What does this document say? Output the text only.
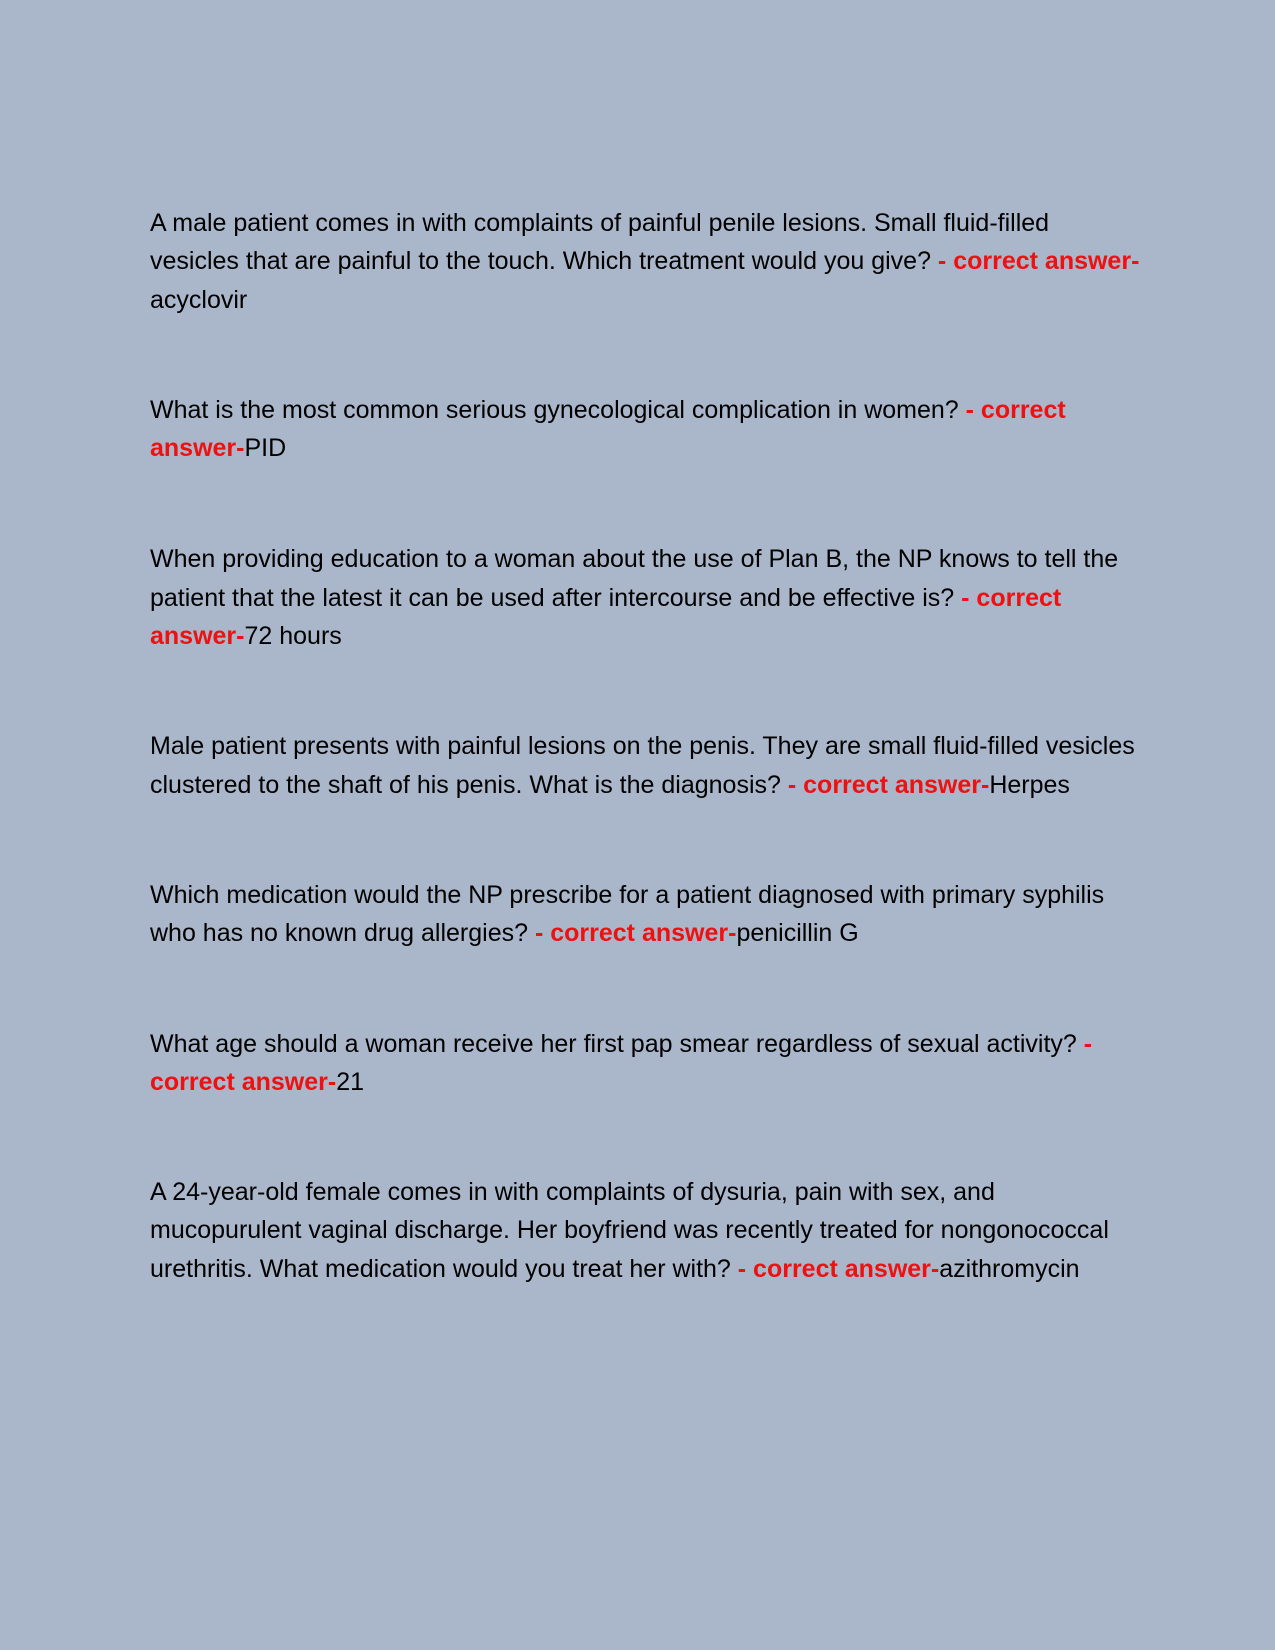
A male patient comes in with complaints of painful penile lesions. Small fluid-filled vesicles that are painful to the touch. Which treatment would you give? - correct answer-acyclovir

What is the most common serious gynecological complication in women? - correct answer-PID

When providing education to a woman about the use of Plan B, the NP knows to tell the patient that the latest it can be used after intercourse and be effective is? - correct answer-72 hours

Male patient presents with painful lesions on the penis. They are small fluid-filled vesicles clustered to the shaft of his penis. What is the diagnosis? - correct answer-Herpes

Which medication would the NP prescribe for a patient diagnosed with primary syphilis who has no known drug allergies? - correct answer-penicillin G

What age should a woman receive her first pap smear regardless of sexual activity? - correct answer-21

A 24-year-old female comes in with complaints of dysuria, pain with sex, and mucopurulent vaginal discharge. Her boyfriend was recently treated for nongonococcal urethritis. What medication would you treat her with? - correct answer-azithromycin
